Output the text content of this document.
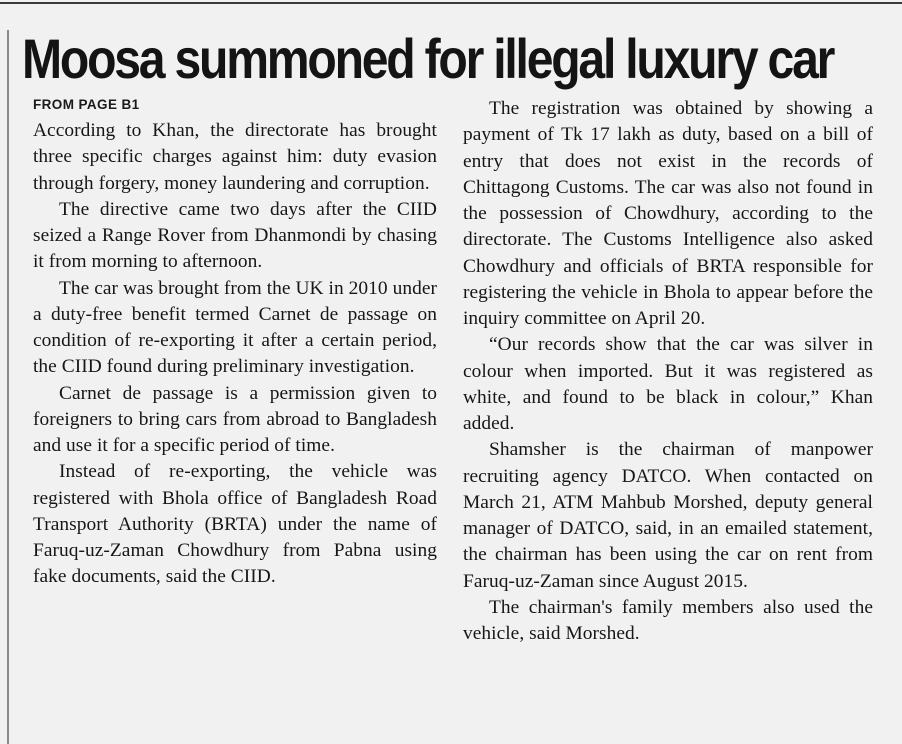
Moosa summoned for illegal luxury car
FROM PAGE B1

According to Khan, the directorate has brought three specific charges against him: duty evasion through forgery, money laundering and corruption.

The directive came two days after the CIID seized a Range Rover from Dhanmondi by chasing it from morning to afternoon.

The car was brought from the UK in 2010 under a duty-free benefit termed Carnet de passage on condition of re-exporting it after a certain period, the CIID found during preliminary investigation.

Carnet de passage is a permission given to foreigners to bring cars from abroad to Bangladesh and use it for a specific period of time.

Instead of re-exporting, the vehicle was registered with Bhola office of Bangladesh Road Transport Authority (BRTA) under the name of Faruq-uz-Zaman Chowdhury from Pabna using fake documents, said the CIID.

The registration was obtained by showing a payment of Tk 17 lakh as duty, based on a bill of entry that does not exist in the records of Chittagong Customs. The car was also not found in the possession of Chowdhury, according to the directorate. The Customs Intelligence also asked Chowdhury and officials of BRTA responsible for registering the vehicle in Bhola to appear before the inquiry committee on April 20.

“Our records show that the car was silver in colour when imported. But it was registered as white, and found to be black in colour,” Khan added.

Shamsher is the chairman of manpower recruiting agency DATCO. When contacted on March 21, ATM Mahbub Morshed, deputy general manager of DATCO, said, in an emailed statement, the chairman has been using the car on rent from Faruq-uz-Zaman since August 2015.

The chairman's family members also used the vehicle, said Morshed.
